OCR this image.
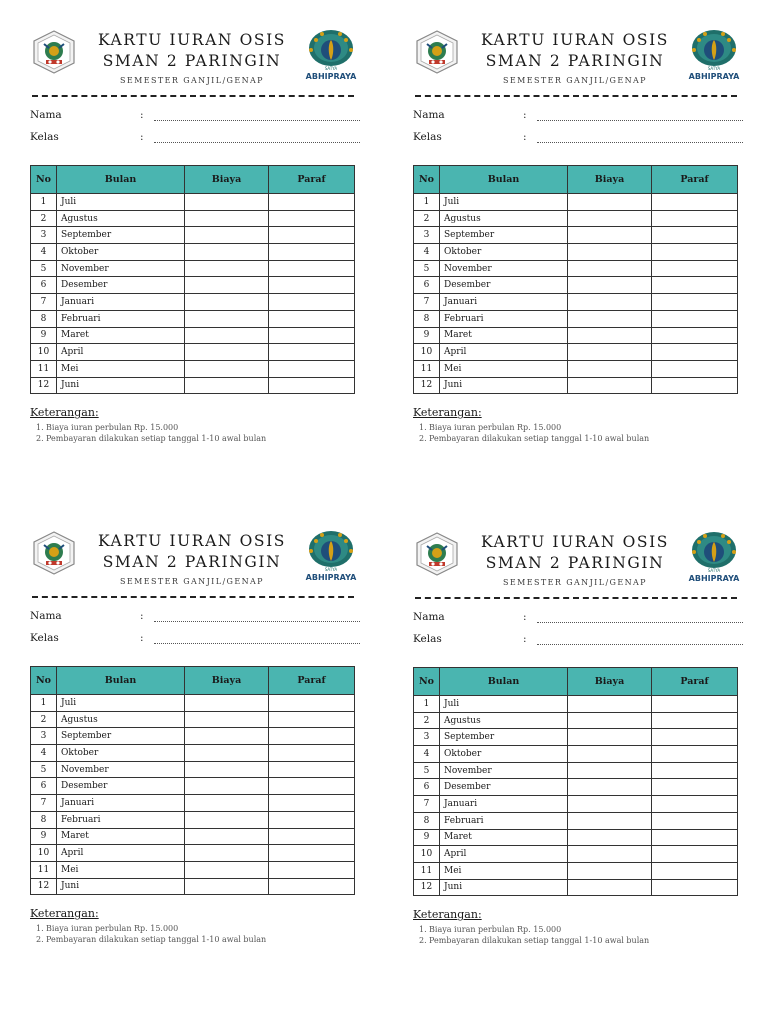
KARTU IURAN OSIS
SMAN 2 PARINGIN
SEMESTER GANJIL/GENAP
SATYA
ABHIPRAYA
Nama	:
Kelas	:
No	Bulan	Biaya	Paraf
1	Juli		
2	Agustus		
3	September		
4	Oktober		
5	November		
6	Desember		
7	Januari		
8	Februari		
9	Maret		
10	April		
11	Mei		
12	Juni		
Keterangan:
1. Biaya iuran perbulan Rp. 15.000
2. Pembayaran dilakukan setiap tanggal 1-10 awal bulan
KARTU IURAN OSIS
SMAN 2 PARINGIN
SEMESTER GANJIL/GENAP
SATYA
ABHIPRAYA
Nama	:
Kelas	:
No	Bulan	Biaya	Paraf
1	Juli		
2	Agustus		
3	September		
4	Oktober		
5	November		
6	Desember		
7	Januari		
8	Februari		
9	Maret		
10	April		
11	Mei		
12	Juni		
Keterangan:
1. Biaya iuran perbulan Rp. 15.000
2. Pembayaran dilakukan setiap tanggal 1-10 awal bulan
KARTU IURAN OSIS
SMAN 2 PARINGIN
SEMESTER GANJIL/GENAP
SATYA
ABHIPRAYA
Nama	:
Kelas	:
No	Bulan	Biaya	Paraf
1	Juli		
2	Agustus		
3	September		
4	Oktober		
5	November		
6	Desember		
7	Januari		
8	Februari		
9	Maret		
10	April		
11	Mei		
12	Juni		
Keterangan:
1. Biaya iuran perbulan Rp. 15.000
2. Pembayaran dilakukan setiap tanggal 1-10 awal bulan
KARTU IURAN OSIS
SMAN 2 PARINGIN
SEMESTER GANJIL/GENAP
SATYA
ABHIPRAYA
Nama	:
Kelas	:
No	Bulan	Biaya	Paraf
1	Juli		
2	Agustus		
3	September		
4	Oktober		
5	November		
6	Desember		
7	Januari		
8	Februari		
9	Maret		
10	April		
11	Mei		
12	Juni		
Keterangan:
1. Biaya iuran perbulan Rp. 15.000
2. Pembayaran dilakukan setiap tanggal 1-10 awal bulan
